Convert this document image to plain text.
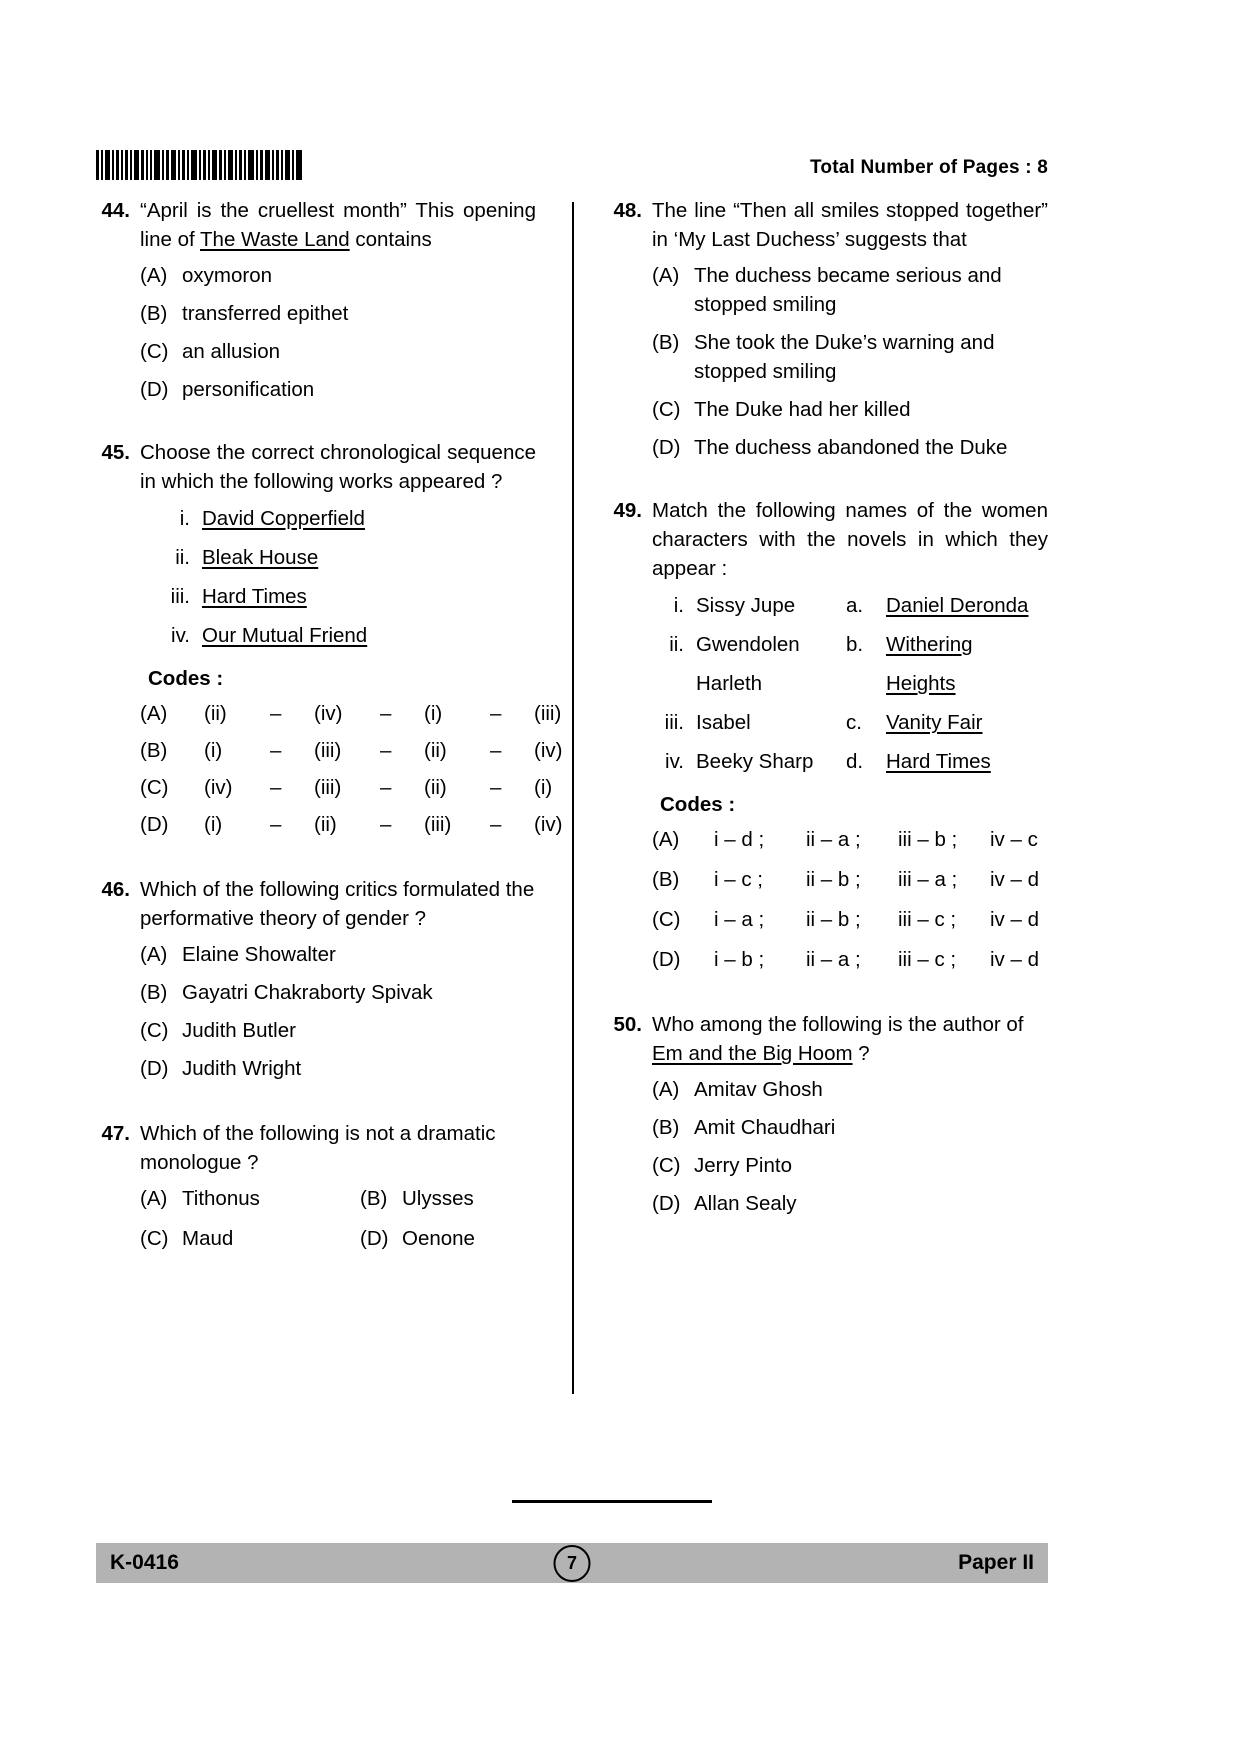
Total Number of Pages : 8
44. “April is the cruellest month” This opening line of The Waste Land contains
(A) oxymoron
(B) transferred epithet
(C) an allusion
(D) personification
45. Choose the correct chronological sequence in which the following works appeared ?
i. David Copperfield
ii. Bleak House
iii. Hard Times
iv. Our Mutual Friend
Codes :
(A)	(ii)	–	(iv)	–	(i)	–	(iii)
(B)	(i)	–	(iii)	–	(ii)	–	(iv)
(C)	(iv)	–	(iii)	–	(ii)	–	(i)
(D)	(i)	–	(ii)	–	(iii)	–	(iv)
46. Which of the following critics formulated the performative theory of gender ?
(A) Elaine Showalter
(B) Gayatri Chakraborty Spivak
(C) Judith Butler
(D) Judith Wright
47. Which of the following is not a dramatic monologue ?
(A) Tithonus	(B) Ulysses
(C) Maud	(D) Oenone
48. The line “Then all smiles stopped together” in ‘My Last Duchess’ suggests that
(A) The duchess became serious and stopped smiling
(B) She took the Duke’s warning and stopped smiling
(C) The Duke had her killed
(D) The duchess abandoned the Duke
49. Match the following names of the women characters with the novels in which they appear :
i. Sissy Jupe	a.	Daniel Deronda
ii. Gwendolen	b.	Withering
Harleth	Heights
iii. Isabel	c.	Vanity Fair
iv. Beeky Sharp	d.	Hard Times
Codes :
(A)	i – d ;	ii – a ;	iii – b ;	iv – c
(B)	i – c ;	ii – b ;	iii – a ;	iv – d
(C)	i – a ;	ii – b ;	iii – c ;	iv – d
(D)	i – b ;	ii – a ;	iii – c ;	iv – d
50. Who among the following is the author of Em and the Big Hoom ?
(A) Amitav Ghosh
(B) Amit Chaudhari
(C) Jerry Pinto
(D) Allan Sealy
K-0416	7	Paper II
